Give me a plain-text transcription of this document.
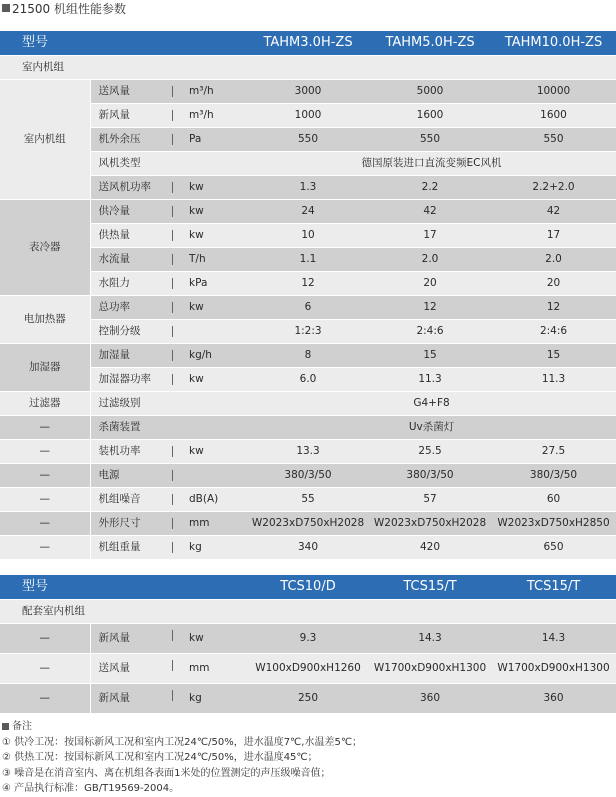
21500 机组性能参数
型号			TAHM3.0H-ZS	TAHM5.0H-ZS	TAHM10.0H-ZS
室内机组					
室内机组	送风量	m³/h	3000	5000	10000
	新风量	m³/h	1000	1600	1600
	机外余压	Pa	550	550	550
	风机类型		德国原装进口直流变频EC风机		
	送风机功率	kw	1.3	2.2	2.2+2.0
表冷器	供冷量	kw	24	42	42
	供热量	kw	10	17	17
	水流量	T/h	1.1	2.0	2.0
	水阻力	kPa	12	20	20
电加热器	总功率	kw	6	12	12
	控制分级		1:2:3	2:4:6	2:4:6
加湿器	加湿量	kg/h	8	15	15
	加湿器功率	kw	6.0	11.3	11.3
过滤器	过滤级别		G4+F8		
—	杀菌装置		Uv杀菌灯		
—	装机功率	kw	13.3	25.5	27.5
—	电源		380/3/50	380/3/50	380/3/50
—	机组噪音	dB(A)	55	57	60
—	外形尺寸	mm	W2023xD750xH2028	W2023xD750xH2028	W2023xD750xH2850
—	机组重量	kg	340	420	650
型号			TCS10/D	TCS15/T	TCS15/T
配套室内机组					
—	新风量	kw	9.3	14.3	14.3
—	送风量	mm	W100xD900xH1260	W1700xD900xH1300	W1700xD900xH1300
—	新风量	kg	250	360	360
备注
① 供冷工况：按国标新风工况和室内工况24℃/50%，进水温度7℃,水温差5℃；
② 供热工况：按国标新风工况和室内工况24℃/50%，进水温度45℃；
③ 噪音是在消音室内、离在机组各表面1米处的位置测定的声压级噪音值；
④ 产品执行标准：GB/T19569-2004。
